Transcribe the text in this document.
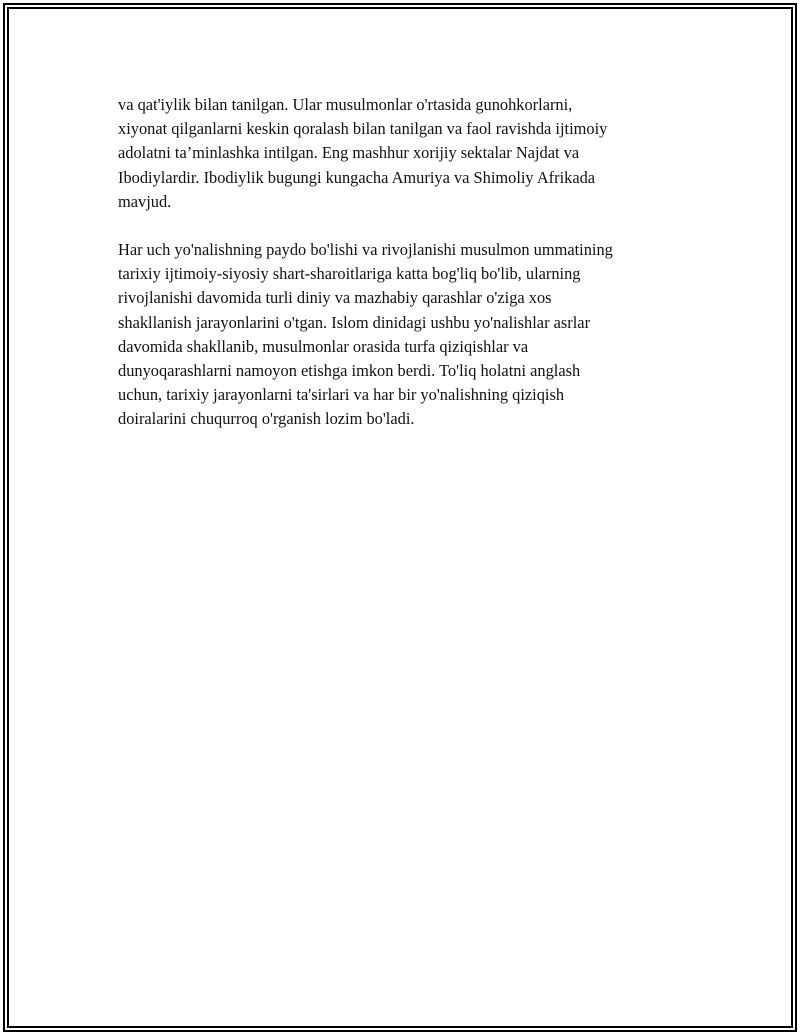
va qat'iylik bilan tanilgan. Ular musulmonlar o'rtasida gunohkorlarni,
xiyonat qilganlarni keskin qoralash bilan tanilgan va faol ravishda ijtimoiy
adolatni ta’minlashka intilgan. Eng mashhur xorijiy sektalar Najdat va
Ibodiylardir. Ibodiylik bugungi kungacha Amuriya va Shimoliy Afrikada
mavjud.

Har uch yo'nalishning paydo bo'lishi va rivojlanishi musulmon ummatining
tarixiy ijtimoiy-siyosiy shart-sharoitlariga katta bog'liq bo'lib, ularning
rivojlanishi davomida turli diniy va mazhabiy qarashlar o'ziga xos
shakllanish jarayonlarini o'tgan. Islom dinidagi ushbu yo'nalishlar asrlar
davomida shakllanib, musulmonlar orasida turfa qiziqishlar va
dunyoqarashlarni namoyon etishga imkon berdi. To'liq holatni anglash
uchun, tarixiy jarayonlarni ta'sirlari va har bir yo'nalishning qiziqish
doiralarini chuqurroq o'rganish lozim bo'ladi.
